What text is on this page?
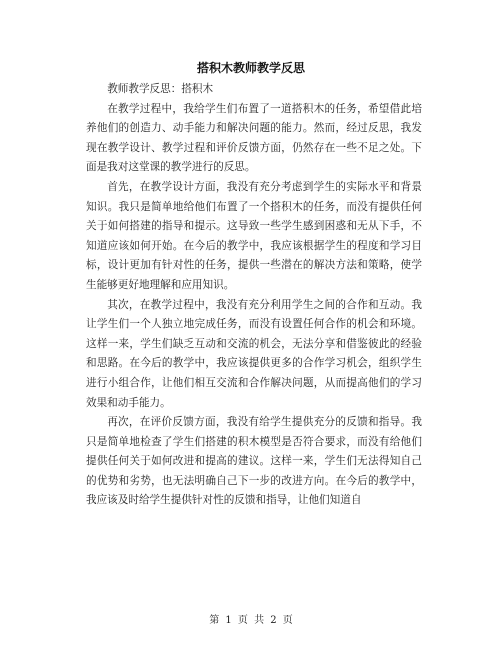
搭积木教师教学反思

教师教学反思：搭积木

在教学过程中，我给学生们布置了一道搭积木的任务，希望借此培养他们的创造力、动手能力和解决问题的能力。然而，经过反思，我发现在教学设计、教学过程和评价反馈方面，仍然存在一些不足之处。下面是我对这堂课的教学进行的反思。

首先，在教学设计方面，我没有充分考虑到学生的实际水平和背景知识。我只是简单地给他们布置了一个搭积木的任务，而没有提供任何关于如何搭建的指导和提示。这导致一些学生感到困惑和无从下手，不知道应该如何开始。在今后的教学中，我应该根据学生的程度和学习目标，设计更加有针对性的任务，提供一些潜在的解决方法和策略，使学生能够更好地理解和应用知识。

其次，在教学过程中，我没有充分利用学生之间的合作和互动。我让学生们一个人独立地完成任务，而没有设置任何合作的机会和环境。这样一来，学生们缺乏互动和交流的机会，无法分享和借鉴彼此的经验和思路。在今后的教学中，我应该提供更多的合作学习机会，组织学生进行小组合作，让他们相互交流和合作解决问题，从而提高他们的学习效果和动手能力。

再次，在评价反馈方面，我没有给学生提供充分的反馈和指导。我只是简单地检查了学生们搭建的积木模型是否符合要求，而没有给他们提供任何关于如何改进和提高的建议。这样一来，学生们无法得知自己的优势和劣势，也无法明确自己下一步的改进方向。在今后的教学中，我应该及时给学生提供针对性的反馈和指导，让他们知道自

第 1 页 共 2 页
